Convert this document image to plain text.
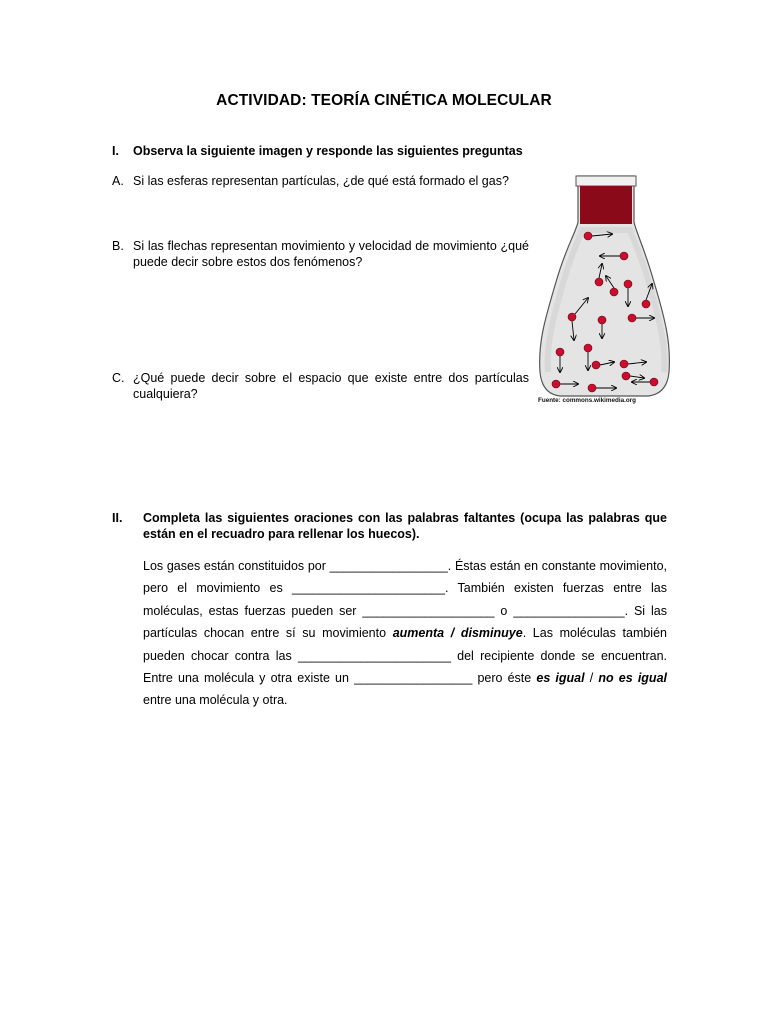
ACTIVIDAD: TEORÍA CINÉTICA MOLECULAR
I. Observa la siguiente imagen y responde las siguientes preguntas
A. Si las esferas representan partículas, ¿de qué está formado el gas?
B. Si las flechas representan movimiento y velocidad de movimiento ¿qué puede decir sobre estos dos fenómenos?
C. ¿Qué puede decir sobre el espacio que existe entre dos partículas cualquiera?	Fuente: commons.wikimedia.org
II. Completa las siguientes oraciones con las palabras faltantes (ocupa las palabras que están en el recuadro para rellenar los huecos).
Los gases están constituidos por _________________. Éstas están en constante movimiento, pero el movimiento es ______________________. También existen fuerzas entre las moléculas, estas fuerzas pueden ser ___________________ o ________________. Si las partículas chocan entre sí su movimiento aumenta / disminuye. Las moléculas también pueden chocar contra las ______________________ del recipiente donde se encuentran. Entre una molécula y otra existe un _________________ pero éste es igual / no es igual entre una molécula y otra.
